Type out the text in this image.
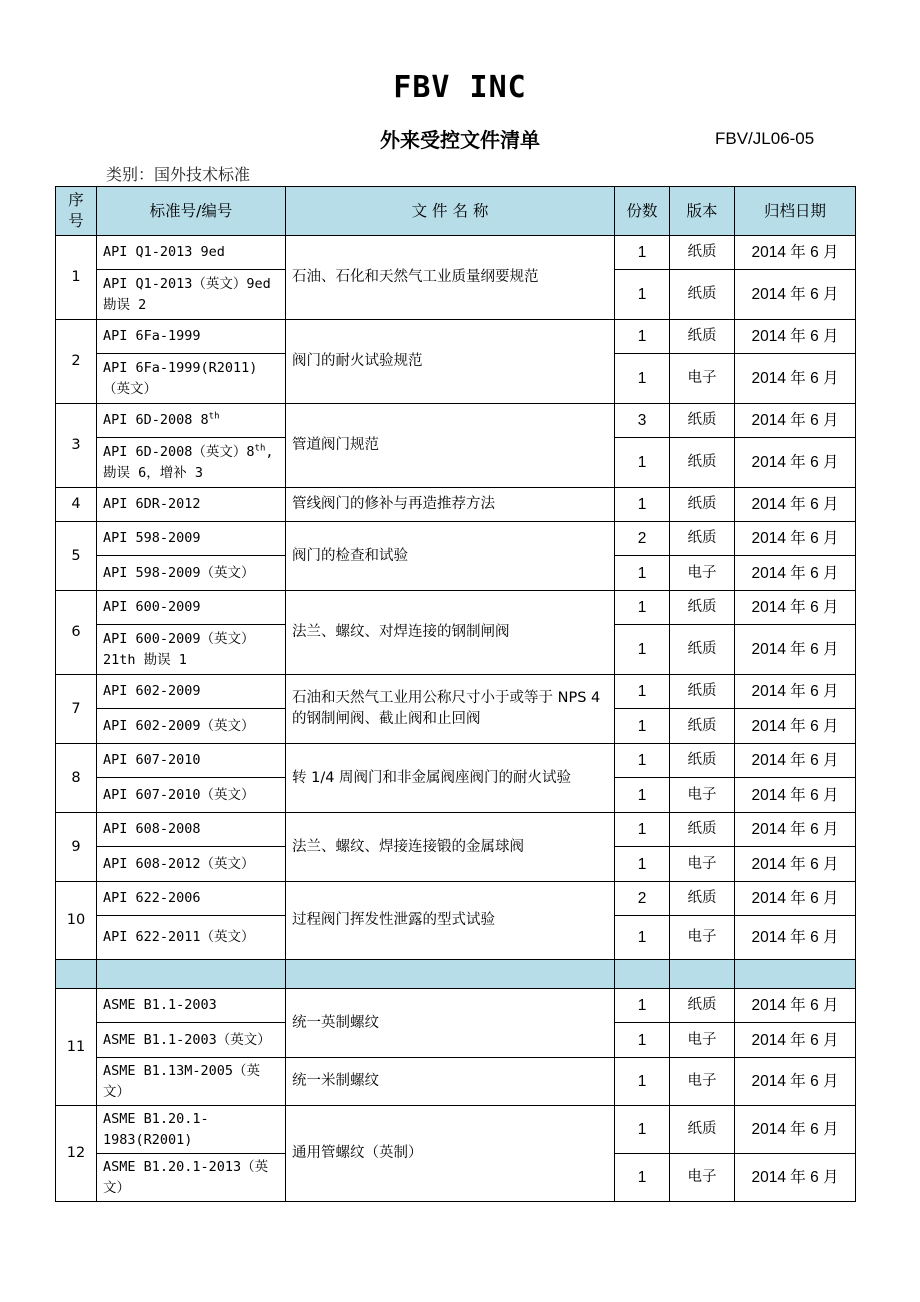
FBV INC
外来受控文件清单	FBV/JL06-05
类别：国外技术标准
序
号	标准号/编号	文 件 名 称	份数	版本	归档日期
1	API Q1-2013 9ed	石油、石化和天然气工业质量纲要规范	1	纸质	2014 年 6 月
	API Q1-2013（英文）9ed 勘误 2		1	纸质	2014 年 6 月
2	API 6Fa-1999	阀门的耐火试验规范	1	纸质	2014 年 6 月
	API 6Fa-1999(R2011)（英文）		1	电子	2014 年 6 月
3	API 6D-2008 8th	管道阀门规范	3	纸质	2014 年 6 月
	API 6D-2008（英文）8th,勘误 6，增补 3		1	纸质	2014 年 6 月
4	API 6DR-2012	管线阀门的修补与再造推荐方法	1	纸质	2014 年 6 月
5	API 598-2009	阀门的检查和试验	2	纸质	2014 年 6 月
	API 598-2009（英文）		1	电子	2014 年 6 月
6	API 600-2009	法兰、螺纹、对焊连接的钢制闸阀	1	纸质	2014 年 6 月
	API 600-2009（英文）21th 勘误 1		1	纸质	2014 年 6 月
7	API 602-2009	石油和天然气工业用公称尺寸小于或等于 NPS 4 的钢制闸阀、截止阀和止回阀	1	纸质	2014 年 6 月
	API 602-2009（英文）		1	纸质	2014 年 6 月
8	API 607-2010	转 1/4 周阀门和非金属阀座阀门的耐火试验	1	纸质	2014 年 6 月
	API 607-2010（英文）		1	电子	2014 年 6 月
9	API 608-2008	法兰、螺纹、焊接连接锻的金属球阀	1	纸质	2014 年 6 月
	API 608-2012（英文）		1	电子	2014 年 6 月
10	API 622-2006	过程阀门挥发性泄露的型式试验	2	纸质	2014 年 6 月
	API 622-2011（英文）		1	电子	2014 年 6 月

11	ASME B1.1-2003	统一英制螺纹	1	纸质	2014 年 6 月
	ASME B1.1-2003（英文）		1	电子	2014 年 6 月
	ASME B1.13M-2005（英文）	统一米制螺纹	1	电子	2014 年 6 月
12	ASME B1.20.1-1983(R2001)	通用管螺纹（英制）	1	纸质	2014 年 6 月
	ASME B1.20.1-2013（英文）		1	电子	2014 年 6 月
